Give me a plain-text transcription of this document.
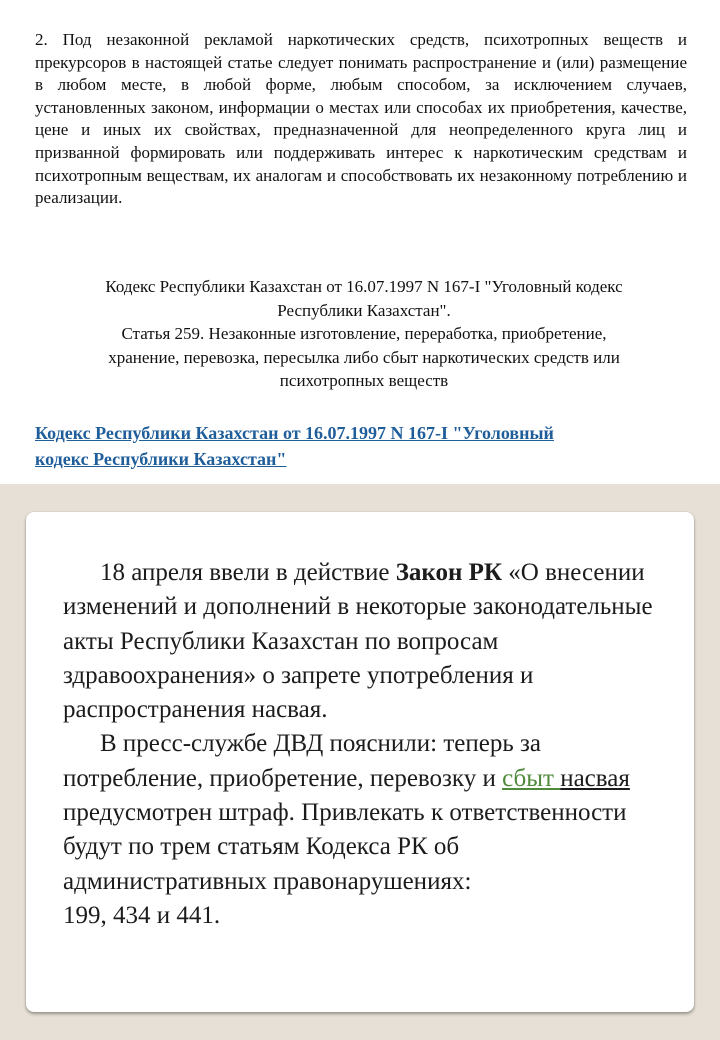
2. Под незаконной рекламой наркотических средств, психотропных веществ и прекурсоров в настоящей статье следует понимать распространение и (или) размещение в любом месте, в любой форме, любым способом, за исключением случаев, установленных законом, информации о местах или способах их приобретения, качестве, цене и иных их свойствах, предназначенной для неопределенного круга лиц и призванной формировать или поддерживать интерес к наркотическим средствам и психотропным веществам, их аналогам и способствовать их незаконному потреблению и реализации.

Кодекс Республики Казахстан от 16.07.1997 N 167-I "Уголовный кодекс
Республики Казахстан".
Статья 259. Незаконные изготовление, переработка, приобретение,
хранение, перевозка, пересылка либо сбыт наркотических средств или
психотропных веществ
Кодекс Республики Казахстан от 16.07.1997 N 167-I "Уголовный
кодекс Республики Казахстан"

18 апреля ввели в действие Закон РК «О внесении изменений и дополнений в некоторые законодательные акты Республики Казахстан по вопросам здравоохранения» о запрете употребления и распространения насвая.

В пресс-службе ДВД пояснили: теперь за потребление, приобретение, перевозку и сбыт насвая предусмотрен штраф. Привлекать к ответственности будут по трем статьям Кодекса РК об административных правонарушениях:

199, 434 и 441.
